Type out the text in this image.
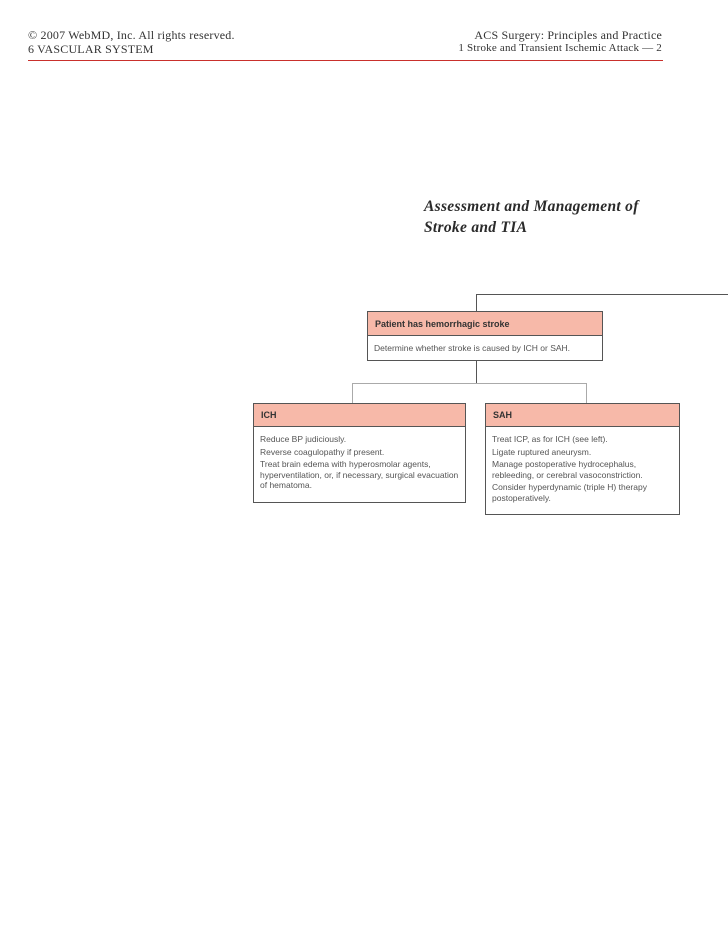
© 2007 WebMD, Inc. All rights reserved.	ACS Surgery: Principles and Practice
6 VASCULAR SYSTEM	1 Stroke and Transient Ischemic Attack — 2
Assessment and Management of
Stroke and TIA
Patient has hemorrhagic stroke

Determine whether stroke is caused by ICH or SAH.

ICH

Reduce BP judiciously.

Reverse coagulopathy if present.

Treat brain edema with hyperosmolar agents, hyperventilation, or, if necessary, surgical evacuation of hematoma.

SAH

Treat ICP, as for ICH (see left).

Ligate ruptured aneurysm.

Manage postoperative hydrocephalus, rebleeding, or cerebral vasoconstriction.

Consider hyperdynamic (triple H) therapy postoperatively.
